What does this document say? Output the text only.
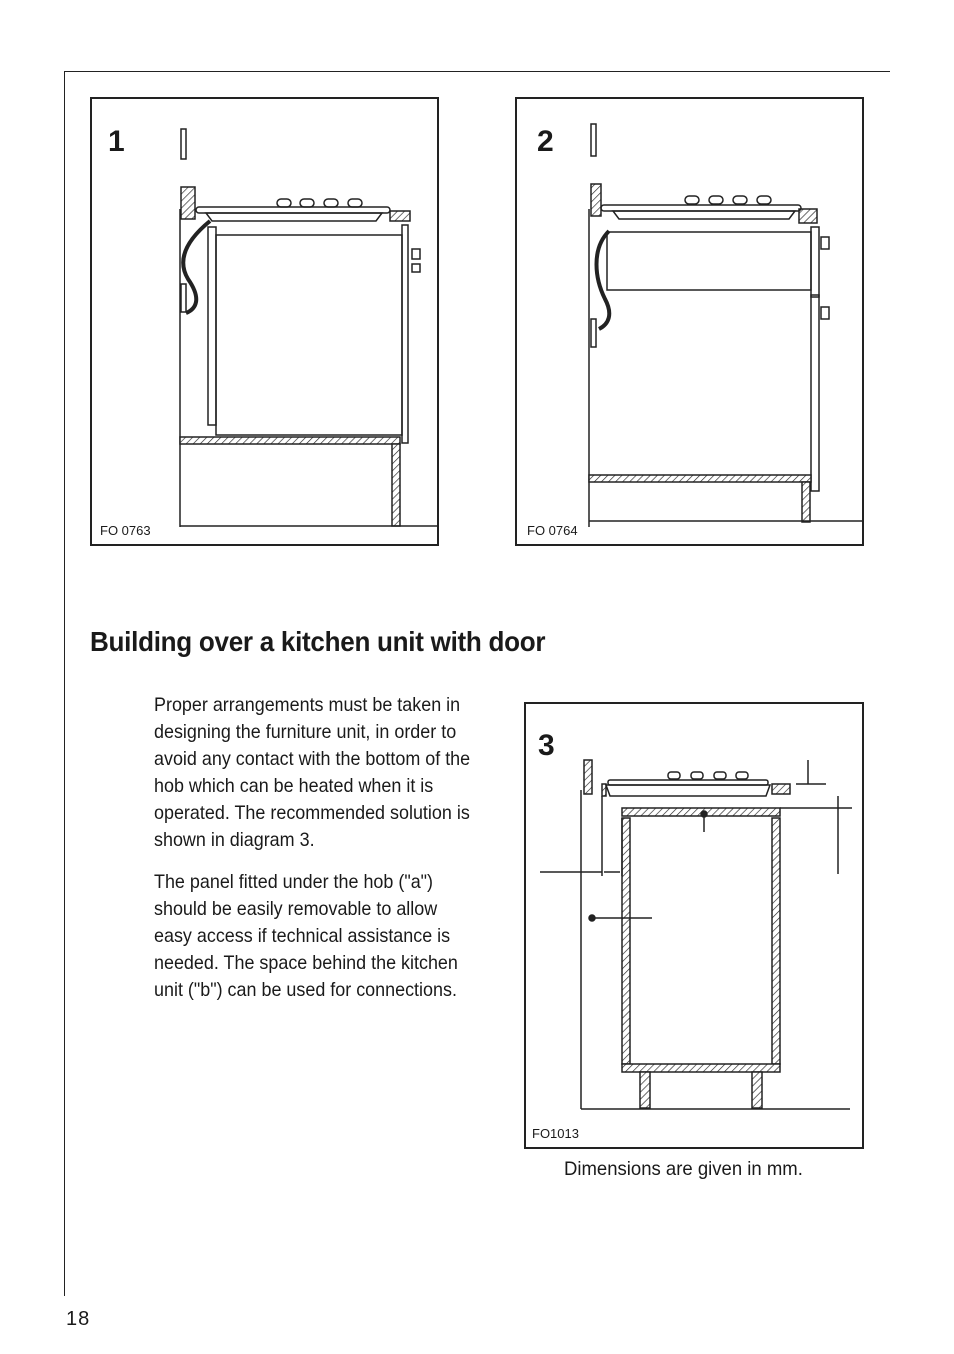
1
FO 0763
2
FO 0764
Building over a kitchen unit with door

Proper arrangements must be taken in designing the furniture unit, in order to avoid any contact with the bottom of the hob which can be heated when it is operated. The recommended solution is shown in diagram 3.

The panel fitted under the hob ("a") should be easily removable to allow easy access if technical assistance is needed. The space behind the kitchen unit ("b") can be used for connections.

3
FO1013
Dimensions are given in mm.
18
